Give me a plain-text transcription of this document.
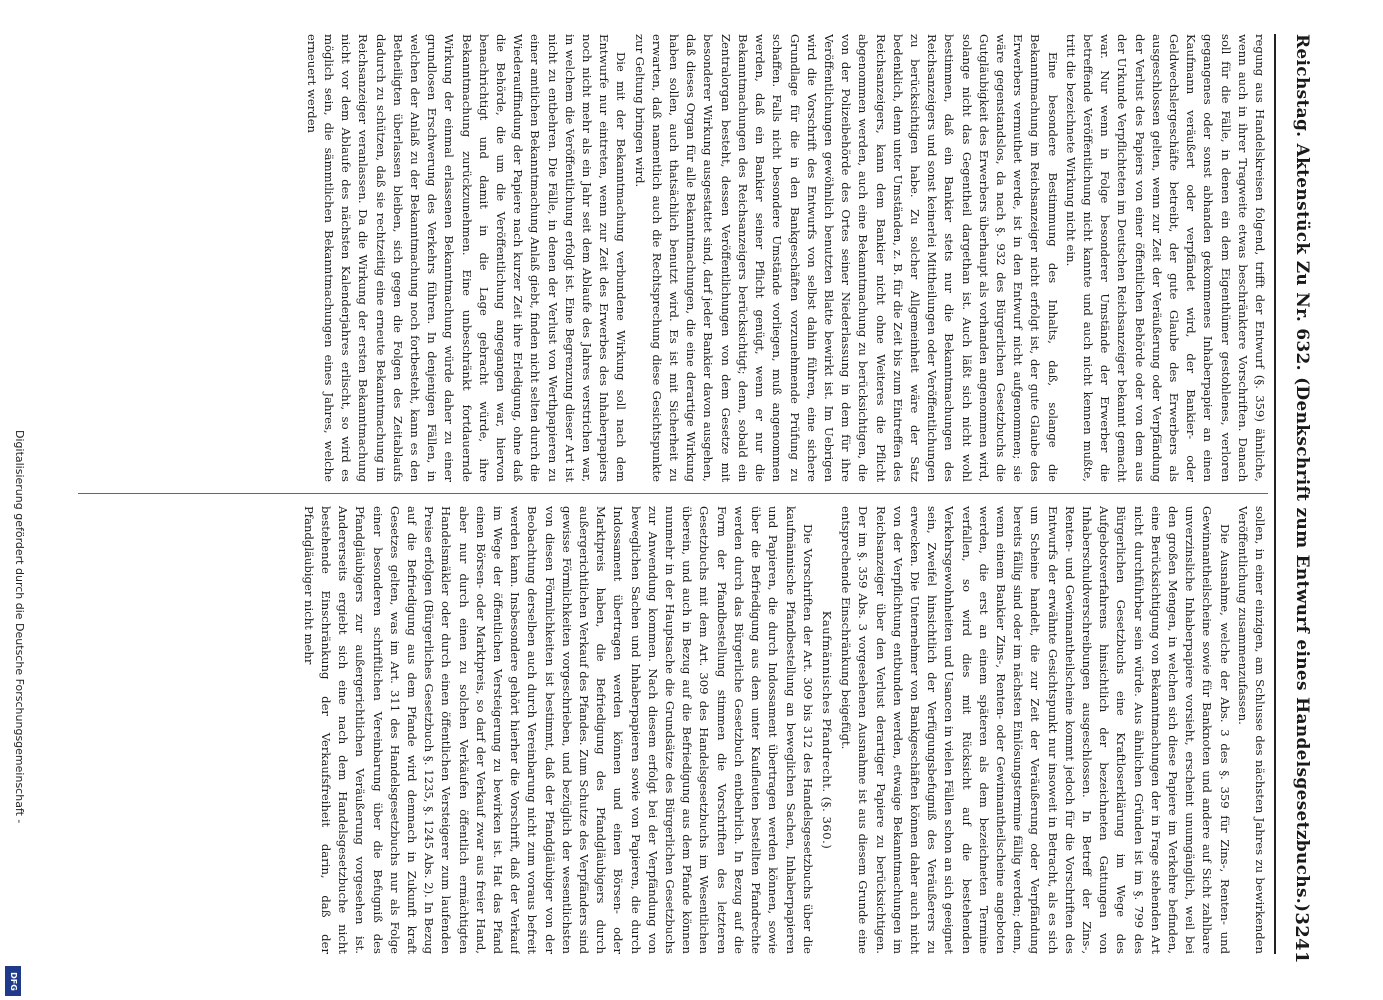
Reichstag. Aktenstück Zu Nr. 632. (Denkschrift zum Entwurf eines Handelsgesetzbuchs.)
3241

regung aus Handelskreisen folgend, trifft der Entwurf (§. 359) ähnliche, wenn auch in ihrer Tragweite etwas beschränktere Vorschriften. Danach soll für die Fälle, in denen ein dem Eigenthümer gestohlenes, verloren gegangenes oder sonst abhanden gekommenes Inhaberpapier an einen Kaufmann veräußert oder verpfändet wird, der Bankier- oder Geldwechslergeschäfte betreibt, der gute Glaube des Erwerbers als ausgeschlossen gelten, wenn zur Zeit der Veräußerung oder Verpfändung der Verlust des Papiers von einer öffentlichen Behörde oder von dem aus der Urkunde Verpflichteten im Deutschen Reichsanzeiger bekannt gemacht war. Nur wenn in Folge besonderer Umstände der Erwerber die betreffende Veröffentlichung nicht kannte und auch nicht kennen mußte, tritt die bezeichnete Wirkung nicht ein.

Eine besondere Bestimmung des Inhalts, daß, solange die Bekanntmachung im Reichsanzeiger nicht erfolgt ist, der gute Glaube des Erwerbers vermuthet werde, ist in den Entwurf nicht aufgenommen; sie wäre gegenstandslos, da nach §. 932 des Bürgerlichen Gesetzbuchs die Gutgläubigkeit des Erwerbers überhaupt als vorhanden angenommen wird, solange nicht das Gegentheil dargethan ist. Auch läßt sich nicht wohl bestimmen, daß ein Bankier stets nur die Bekanntmachungen des Reichsanzeigers und sonst keinerlei Mittheilungen oder Veröffentlichungen zu berücksichtigen habe. Zu solcher Allgemeinheit wäre der Satz bedenklich, denn unter Umständen, z. B. für die Zeit bis zum Eintreffen des Reichsanzeigers, kann dem Bankier nicht ohne Weiteres die Pflicht abgenommen werden, auch eine Bekanntmachung zu berücksichtigen, die von der Polizeibehörde des Ortes seiner Niederlassung in dem für ihre Veröffentlichungen gewöhnlich benutzten Blatte bewirkt ist. Im Uebrigen wird die Vorschrift des Entwurfs von selbst dahin führen, eine sichere Grundlage für die in den Bankgeschäften vorzunehmende Prüfung zu schaffen. Falls nicht besondere Umstände vorliegen, muß angenommen werden, daß ein Bankier seiner Pflicht genügt, wenn er nur die Bekanntmachungen des Reichsanzeigers berücksichtigt; denn, sobald ein Zentralorgan besteht, dessen Veröffentlichungen von dem Gesetze mit besonderer Wirkung ausgestattet sind, darf jeder Bankier davon ausgehen, daß dieses Organ für alle Bekanntmachungen, die eine derartige Wirkung haben sollen, auch thatsächlich benutzt wird. Es ist mit Sicherheit zu erwarten, daß namentlich auch die Rechtsprechung diese Gesichtspunkte zur Geltung bringen wird.

Die mit der Bekanntmachung verbundene Wirkung soll nach dem Entwurfe nur eintreten, wenn zur Zeit des Erwerbes des Inhaberpapiers noch nicht mehr als ein Jahr seit dem Ablaufe des Jahres verstrichen war, in welchem die Veröffentlichung erfolgt ist. Eine Begrenzung dieser Art ist nicht zu entbehren. Die Fälle, in denen der Verlust von Werthpapieren zu einer amtlichen Bekanntmachung Anlaß giebt, finden nicht selten durch die Wiederauffindung der Papiere nach kurzer Zeit ihre Erledigung, ohne daß die Behörde, die um die Veröffentlichung angegangen war, hiervon benachrichtigt und damit in die Lage gebracht würde, ihre Bekanntmachung zurückzunehmen. Eine unbeschränkt fortdauernde Wirkung der einmal erlassenen Bekanntmachung würde daher zu einer grundlosen Erschwerung des Verkehrs führen. In denjenigen Fällen, in welchen der Anlaß zu der Bekanntmachung noch fortbesteht, kann es den Betheiligten überlassen bleiben, sich gegen die Folgen des Zeitablaufs dadurch zu schützen, daß sie rechtzeitig eine erneute Bekanntmachung im Reichsanzeiger veranlassen. Da die Wirkung der ersten Bekanntmachung nicht vor dem Ablaufe des nächsten Kalenderjahres erlischt, so wird es möglich sein, die sämmtlichen Bekanntmachungen eines Jahres, welche erneuert werden

sollen, in einer einzigen, am Schlusse des nächsten Jahres zu bewirkenden Veröffentlichung zusammenzufassen.

Die Ausnahme, welche der Abs. 3 des §. 359 für Zins-, Renten- und Gewinnantheilscheine sowie für Banknoten und andere auf Sicht zahlbare unverzinsliche Inhaberpapiere vorsieht, erscheint unumgänglich, weil bei den großen Mengen, in welchen sich diese Papiere im Verkehre befinden, eine Berücksichtigung von Bekanntmachungen der in Frage stehenden Art nicht durchführbar sein würde. Aus ähnlichen Gründen ist im §. 799 des Bürgerlichen Gesetzbuchs eine Kraftloserklärung im Wege des Aufgebotsverfahrens hinsichtlich der bezeichneten Gattungen von Inhaberschuldverschreibungen ausgeschlossen. In Betreff der Zins-, Renten- und Gewinnantheilscheine kommt jedoch für die Vorschriften des Entwurfs der erwähnte Gesichtspunkt nur insoweit in Betracht, als es sich um Scheine handelt, die zur Zeit der Veräußerung oder Verpfändung bereits fällig sind oder im nächsten Einlösungstermine fällig werden; denn, wenn einem Bankier Zins-, Renten- oder Gewinnantheilscheine angeboten werden, die erst an einem späteren als dem bezeichneten Termine verfallen, so wird dies mit Rücksicht auf die bestehenden Verkehrsgewohnheiten und Usancen in vielen Fällen schon an sich geeignet sein, Zweifel hinsichtlich der Verfügungsbefugniß des Veräußerers zu erwecken. Die Unternehmer von Bankgeschäften können daher auch nicht von der Verpflichtung entbunden werden, etwaige Bekanntmachungen im Reichsanzeiger über den Verlust derartiger Papiere zu berücksichtigen. Der im §. 359 Abs. 3 vorgesehenen Ausnahme ist aus diesem Grunde eine entsprechende Einschränkung beigefügt.

Kaufmännisches Pfandrecht. (§. 360.)

Die Vorschriften der Art. 309 bis 312 des Handelsgesetzbuchs über die kaufmännische Pfandbestellung an beweglichen Sachen, Inhaberpapieren und Papieren, die durch Indossament übertragen werden können, sowie über die Befriedigung aus dem unter Kaufleuten bestellten Pfandrechte werden durch das Bürgerliche Gesetzbuch entbehrlich. In Bezug auf die Form der Pfandbestellung stimmen die Vorschriften des letzteren Gesetzbuchs mit dem Art. 309 des Handelsgesetzbuchs im Wesentlichen überein, und auch in Bezug auf die Befriedigung aus dem Pfande können nunmehr in der Hauptsache die Grundsätze des Bürgerlichen Gesetzbuchs zur Anwendung kommen. Nach diesem erfolgt bei der Verpfändung von beweglichen Sachen und Inhaberpapieren sowie von Papieren, die durch Indossament übertragen werden können und einen Börsen- oder Marktpreis haben, die Befriedigung des Pfandgläubigers durch außergerichtlichen Verkauf des Pfandes. Zum Schutze des Verpfänders sind gewisse Förmlichkeiten vorgeschrieben, und bezüglich der wesentlichsten von diesen Förmlichkeiten ist bestimmt, daß der Pfandgläubiger von der Beobachtung derselben auch durch Vereinbarung nicht zum voraus befreit werden kann. Insbesondere gehört hierher die Vorschrift, daß der Verkauf im Wege der öffentlichen Versteigerung zu bewirken ist. Hat das Pfand einen Börsen- oder Marktpreis, so darf der Verkauf zwar aus freier Hand, aber nur durch einen zu solchen Verkäufen öffentlich ermächtigten Handelsmäkler oder durch einen öffentlichen Versteigerer zum laufenden Preise erfolgen (Bürgerliches Gesetzbuch §. 1235, §. 1245 Abs. 2). In Bezug auf die Befriedigung aus dem Pfande wird demnach in Zukunft kraft Gesetzes gelten, was im Art. 311 des Handelsgesetzbuchs nur als Folge einer besonderen schriftlichen Vereinbarung über die Befugniß des Pfandgläubigers zur außergerichtlichen Veräußerung vorgesehen ist. Andererseits ergiebt sich eine nach dem Handelsgesetzbuche nicht bestehende Einschränkung der Verkaufsfreiheit darin, daß der Pfandgläubiger nicht mehr

Digitalisierung gefördert durch die Deutsche Forschungsgemeinschaft -
DFG
